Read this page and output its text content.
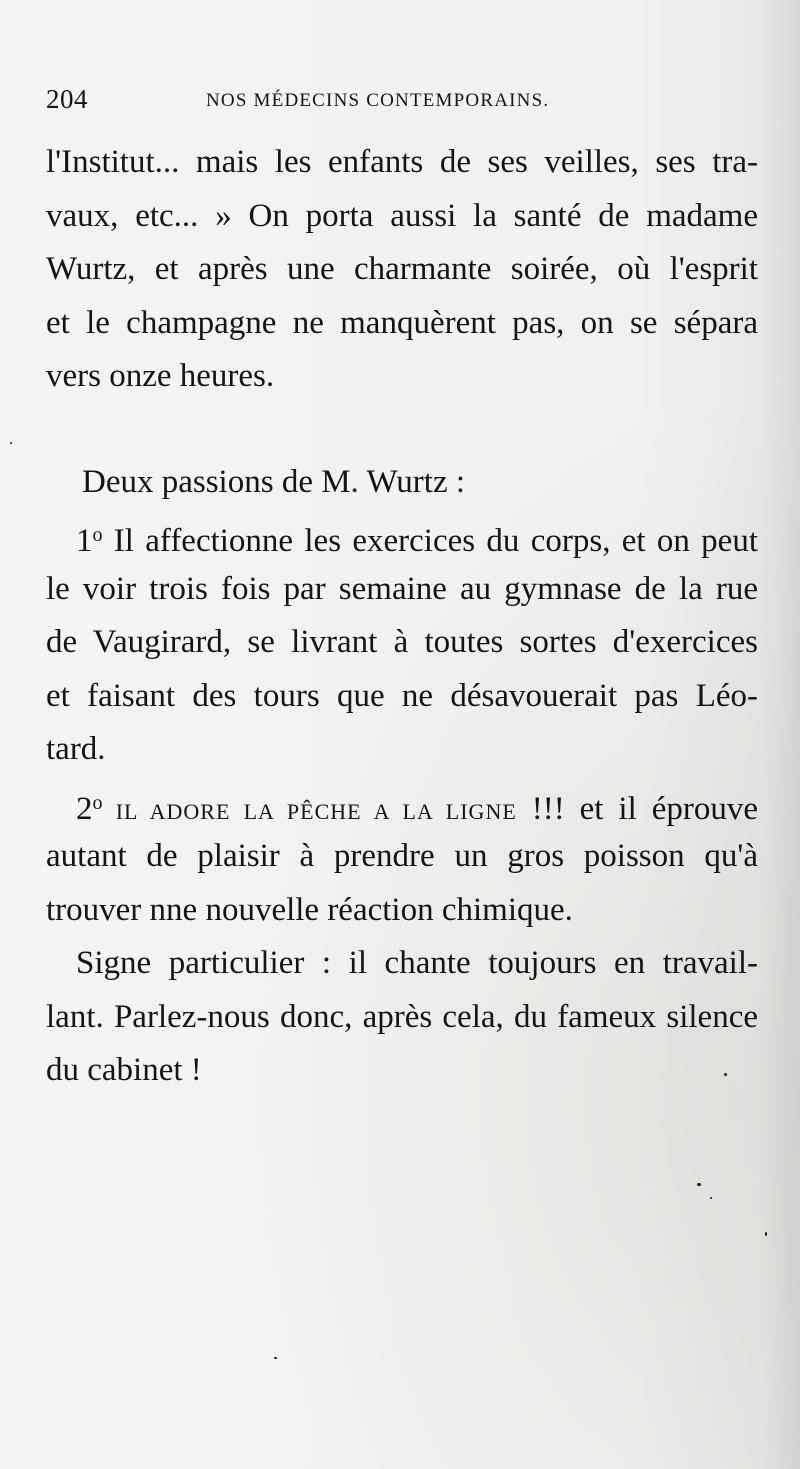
204	NOS MÉDECINS CONTEMPORAINS.
l'Institut... mais les enfants de ses veilles, ses tra-
vaux, etc... » On porta aussi la santé de madame
Wurtz, et après une charmante soirée, où l'esprit
et le champagne ne manquèrent pas, on se sépara
vers onze heures.
Deux passions de M. Wurtz :
1$^o$ Il affectionne les exercices du corps, et on peut
le voir trois fois par semaine au gymnase de la rue
de Vaugirard, se livrant à toutes sortes d'exercices
et faisant des tours que ne désavouerait pas Léo-
tard.
2$^o$ IL ADORE LA PÊCHE A LA LIGNE !!! et il éprouve
autant de plaisir à prendre un gros poisson qu'à
trouver nne nouvelle réaction chimique.
Signe particulier : il chante toujours en travail-
lant. Parlez-nous donc, après cela, du fameux silence
du cabinet !
